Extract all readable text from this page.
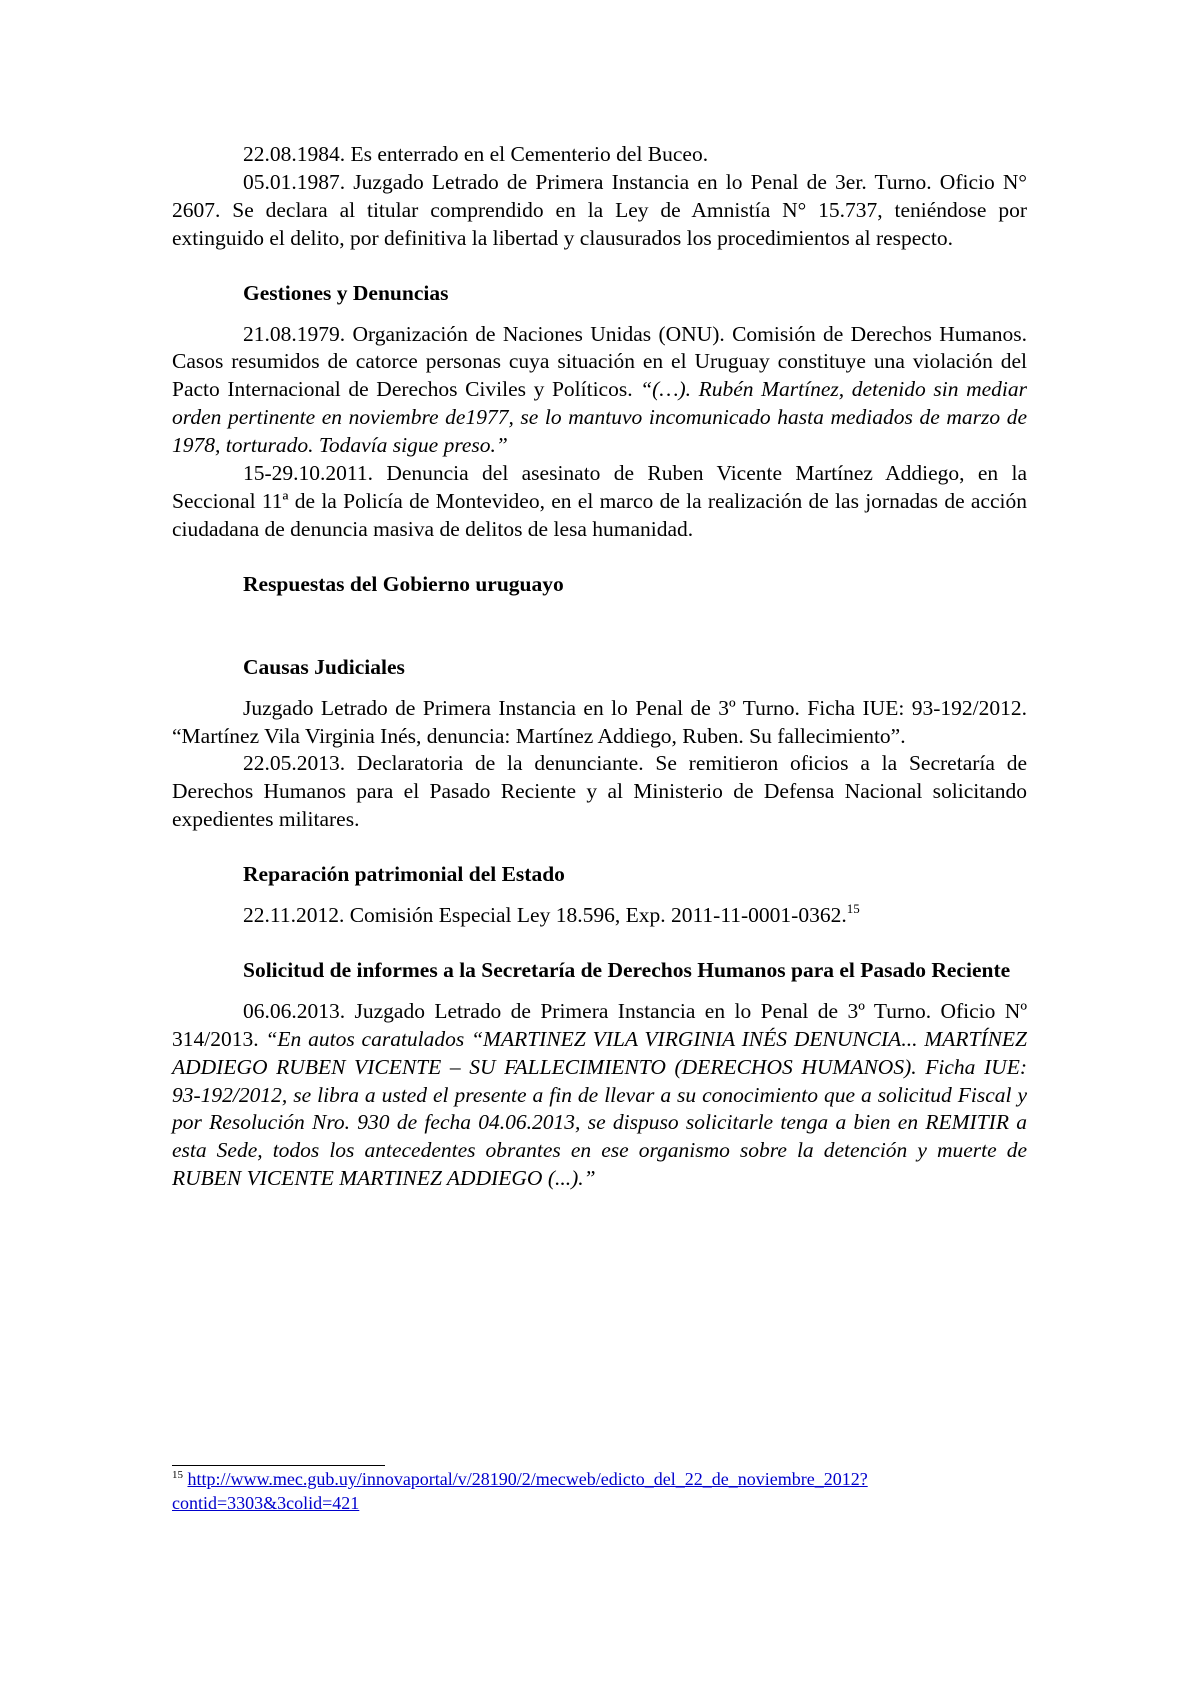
22.08.1984. Es enterrado en el Cementerio del Buceo.

05.01.1987. Juzgado Letrado de Primera Instancia en lo Penal de 3er. Turno. Oficio N° 2607. Se declara al titular comprendido en la Ley de Amnistía N° 15.737, teniéndose por extinguido el delito, por definitiva la libertad y clausurados los procedimientos al respecto.

Gestiones y Denuncias

21.08.1979. Organización de Naciones Unidas (ONU). Comisión de Derechos Humanos. Casos resumidos de catorce personas cuya situación en el Uruguay constituye una violación del Pacto Internacional de Derechos Civiles y Políticos. “(…). Rubén Martínez, detenido sin mediar orden pertinente en noviembre de1977, se lo mantuvo incomunicado hasta mediados de marzo de 1978, torturado. Todavía sigue preso.”

15-29.10.2011. Denuncia del asesinato de Ruben Vicente Martínez Addiego, en la Seccional 11ª de la Policía de Montevideo, en el marco de la realización de las jornadas de acción ciudadana de denuncia masiva de delitos de lesa humanidad.

Respuestas del Gobierno uruguayo

Causas Judiciales

Juzgado Letrado de Primera Instancia en lo Penal de 3º Turno. Ficha IUE: 93-192/2012. “Martínez Vila Virginia Inés, denuncia: Martínez Addiego, Ruben. Su fallecimiento”.

22.05.2013. Declaratoria de la denunciante. Se remitieron oficios a la Secretaría de Derechos Humanos para el Pasado Reciente y al Ministerio de Defensa Nacional solicitando expedientes militares.

Reparación patrimonial del Estado

22.11.2012. Comisión Especial Ley 18.596, Exp. 2011-11-0001-0362.15

Solicitud de informes a la Secretaría de Derechos Humanos para el Pasado Reciente

06.06.2013. Juzgado Letrado de Primera Instancia en lo Penal de 3º Turno. Oficio Nº 314/2013. “En autos caratulados “MARTINEZ VILA VIRGINIA INÉS DENUNCIA... MARTÍNEZ ADDIEGO RUBEN VICENTE – SU FALLECIMIENTO (DERECHOS HUMANOS). Ficha IUE: 93-192/2012, se libra a usted el presente a fin de llevar a su conocimiento que a solicitud Fiscal y por Resolución Nro. 930 de fecha 04.06.2013, se dispuso solicitarle tenga a bien en REMITIR a esta Sede, todos los antecedentes obrantes en ese organismo sobre la detención y muerte de RUBEN VICENTE MARTINEZ ADDIEGO (...).”

$^{15}$ http://www.mec.gub.uy/innovaportal/v/28190/2/mecweb/edicto_del_22_de_noviembre_2012?contid=3303&3colid=421
